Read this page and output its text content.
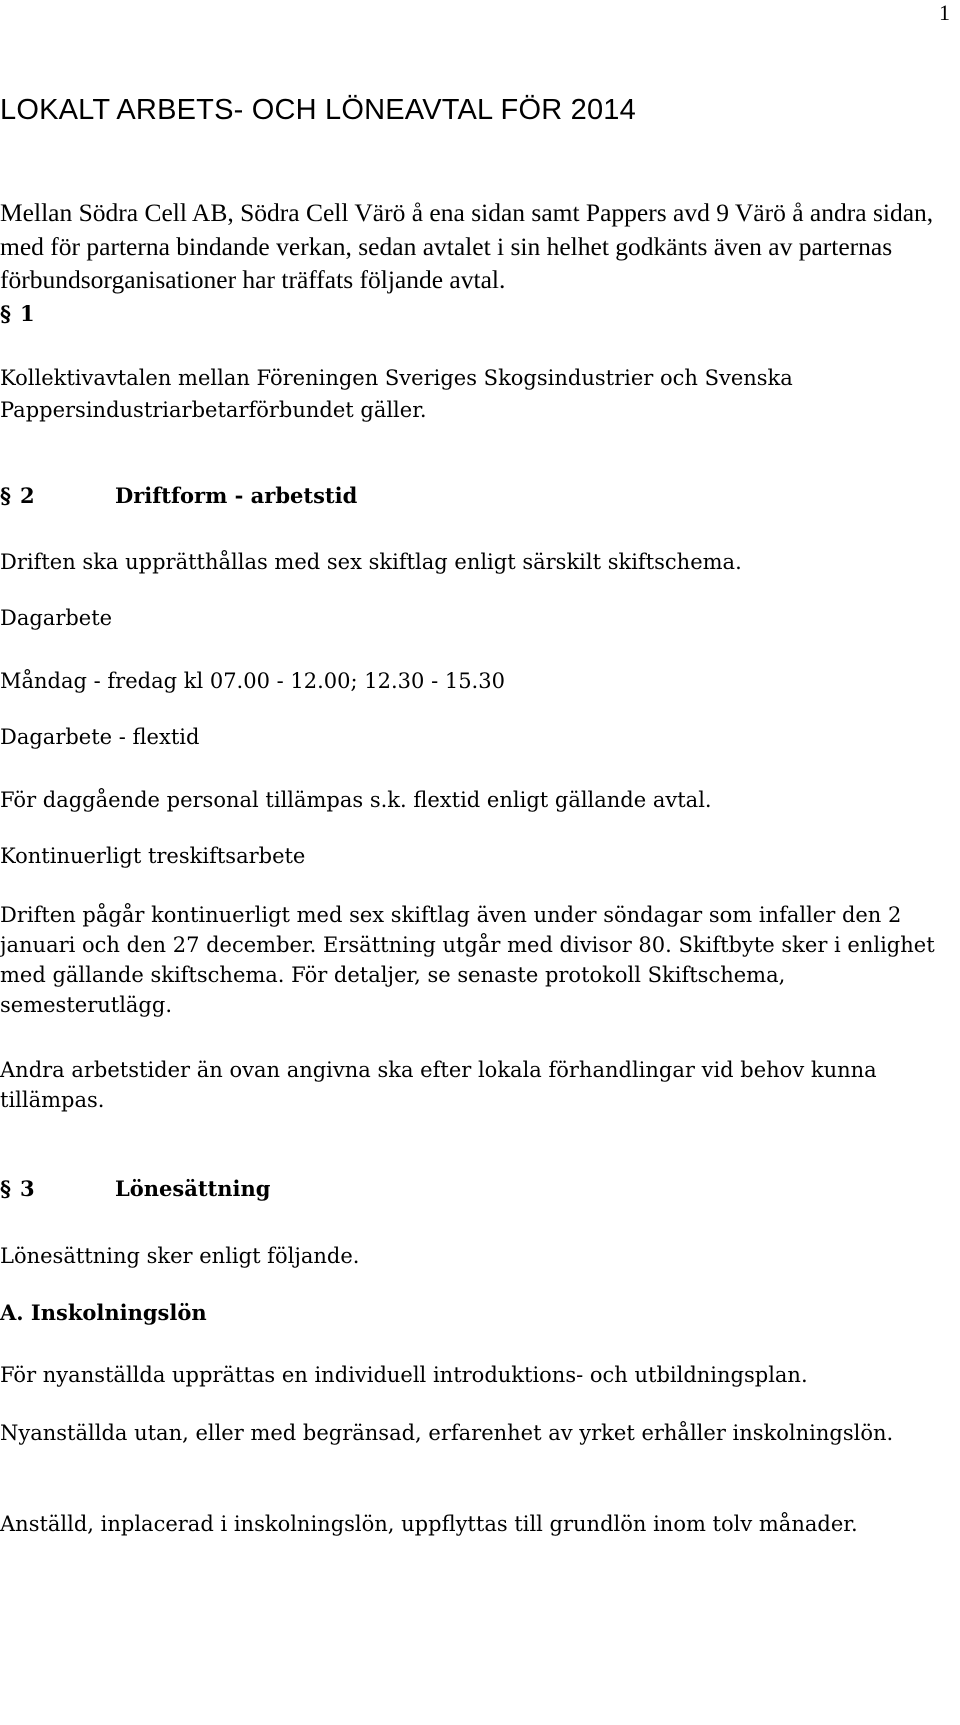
1
LOKALT ARBETS- OCH LÖNEAVTAL FÖR 2014

Mellan Södra Cell AB, Södra Cell Värö å ena sidan samt Pappers avd 9 Värö å andra sidan, med för parterna bindande verkan, sedan avtalet i sin helhet godkänts även av parternas förbundsorganisationer har träffats följande avtal.

§ 1

Kollektivavtalen mellan Föreningen Sveriges Skogsindustrier och Svenska Pappersindustriarbetarförbundet gäller.

§ 2	Driftform - arbetstid

Driften ska upprätthållas med sex skiftlag enligt särskilt skiftschema.

Dagarbete

Måndag - fredag kl 07.00 - 12.00; 12.30 - 15.30

Dagarbete - flextid

För daggående personal tillämpas s.k. flextid enligt gällande avtal.

Kontinuerligt treskiftsarbete

Driften pågår kontinuerligt med sex skiftlag även under söndagar som infaller den 2 januari och den 27 december. Ersättning utgår med divisor 80. Skiftbyte sker i enlighet med gällande skiftschema. För detaljer, se senaste protokoll Skiftschema, semesterutlägg.

Andra arbetstider än ovan angivna ska efter lokala förhandlingar vid behov kunna tillämpas.

§ 3	Lönesättning

Lönesättning sker enligt följande.

A. Inskolningslön

För nyanställda upprättas en individuell introduktions- och utbildningsplan.

Nyanställda utan, eller med begränsad, erfarenhet av yrket erhåller inskolningslön.

Anställd, inplacerad i inskolningslön, uppflyttas till grundlön inom tolv månader.
